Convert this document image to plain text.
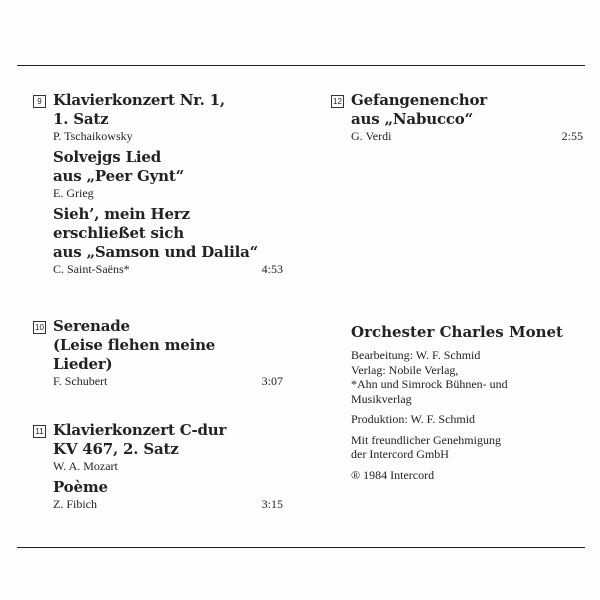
9 Klavierkonzert Nr. 1,
1. Satz
P. Tschaikowsky
Solvejgs Lied
aus „Peer Gynt“
E. Grieg
Sieh’, mein Herz
erschließet sich
aus „Samson und Dalila“
C. Saint-Saëns*	4:53
10 Serenade
(Leise flehen meine
Lieder)
F. Schubert	3:07
11 Klavierkonzert C-dur
KV 467, 2. Satz
W. A. Mozart
Poème
Z. Fibich	3:15
12 Gefangenenchor
aus „Nabucco“
G. Verdi	2:55
Orchester Charles Monet
Bearbeitung: W. F. Schmid
Verlag: Nobile Verlag,
*Ahn und Simrock Bühnen- und
Musikverlag
Produktion: W. F. Schmid
Mit freundlicher Genehmigung
der Intercord GmbH
® 1984 Intercord
